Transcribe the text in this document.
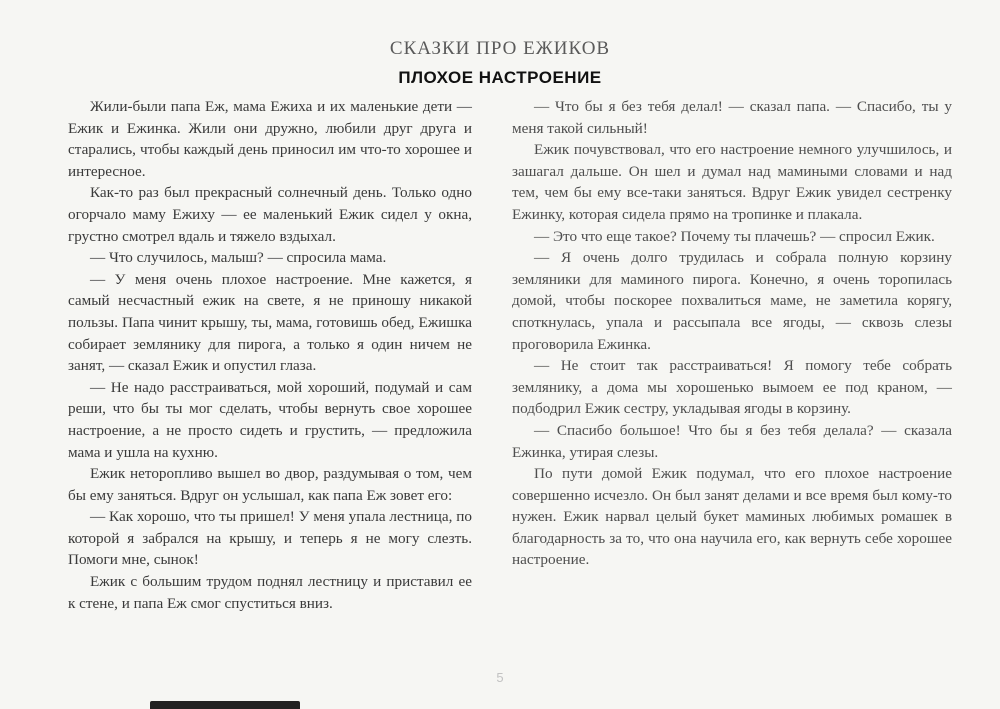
СКАЗКИ ПРО ЕЖИКОВ
ПЛОХОЕ НАСТРОЕНИЕ

Жили-были папа Еж, мама Ежиха и их маленькие дети — Ежик и Ежинка. Жили они дружно, любили друг друга и старались, чтобы каждый день приносил им что-то хорошее и интересное.

Как-то раз был прекрасный солнечный день. Только одно огорчало маму Ежиху — ее маленький Ежик сидел у окна, грустно смотрел вдаль и тяжело вздыхал.

— Что случилось, малыш? — спросила мама.

— У меня очень плохое настроение. Мне кажется, я самый несчастный ежик на свете, я не приношу никакой пользы. Папа чинит крышу, ты, мама, готовишь обед, Ежишка собирает землянику для пирога, а только я один ничем не занят, — сказал Ежик и опустил глаза.

— Не надо расстраиваться, мой хороший, подумай и сам реши, что бы ты мог сделать, чтобы вернуть свое хорошее настроение, а не просто сидеть и грустить, — предложила мама и ушла на кухню.

Ежик неторопливо вышел во двор, раздумывая о том, чем бы ему заняться. Вдруг он услышал, как папа Еж зовет его:

— Как хорошо, что ты пришел! У меня упала лестница, по которой я забрался на крышу, и теперь я не могу слезть. Помоги мне, сынок!

Ежик с большим трудом поднял лестницу и приставил ее к стене, и папа Еж смог спуститься вниз.

— Что бы я без тебя делал! — сказал папа. — Спасибо, ты у меня такой сильный!

Ежик почувствовал, что его настроение немного улучшилось, и зашагал дальше. Он шел и думал над мамиными словами и над тем, чем бы ему все-таки заняться. Вдруг Ежик увидел сестренку Ежинку, которая сидела прямо на тропинке и плакала.

— Это что еще такое? Почему ты плачешь? — спросил Ежик.

— Я очень долго трудилась и собрала полную корзину земляники для маминого пирога. Конечно, я очень торопилась домой, чтобы поскорее похвалиться маме, не заметила корягу, споткнулась, упала и рассыпала все ягоды, — сквозь слезы проговорила Ежинка.

— Не стоит так расстраиваться! Я помогу тебе собрать землянику, а дома мы хорошенько вымоем ее под краном, — подбодрил Ежик сестру, укладывая ягоды в корзину.

— Спасибо большое! Что бы я без тебя делала? — сказала Ежинка, утирая слезы.

По пути домой Ежик подумал, что его плохое настроение совершенно исчезло. Он был занят делами и все время был кому-то нужен. Ежик нарвал целый букет маминых любимых ромашек в благодарность за то, что она научила его, как вернуть себе хорошее настроение.

5
